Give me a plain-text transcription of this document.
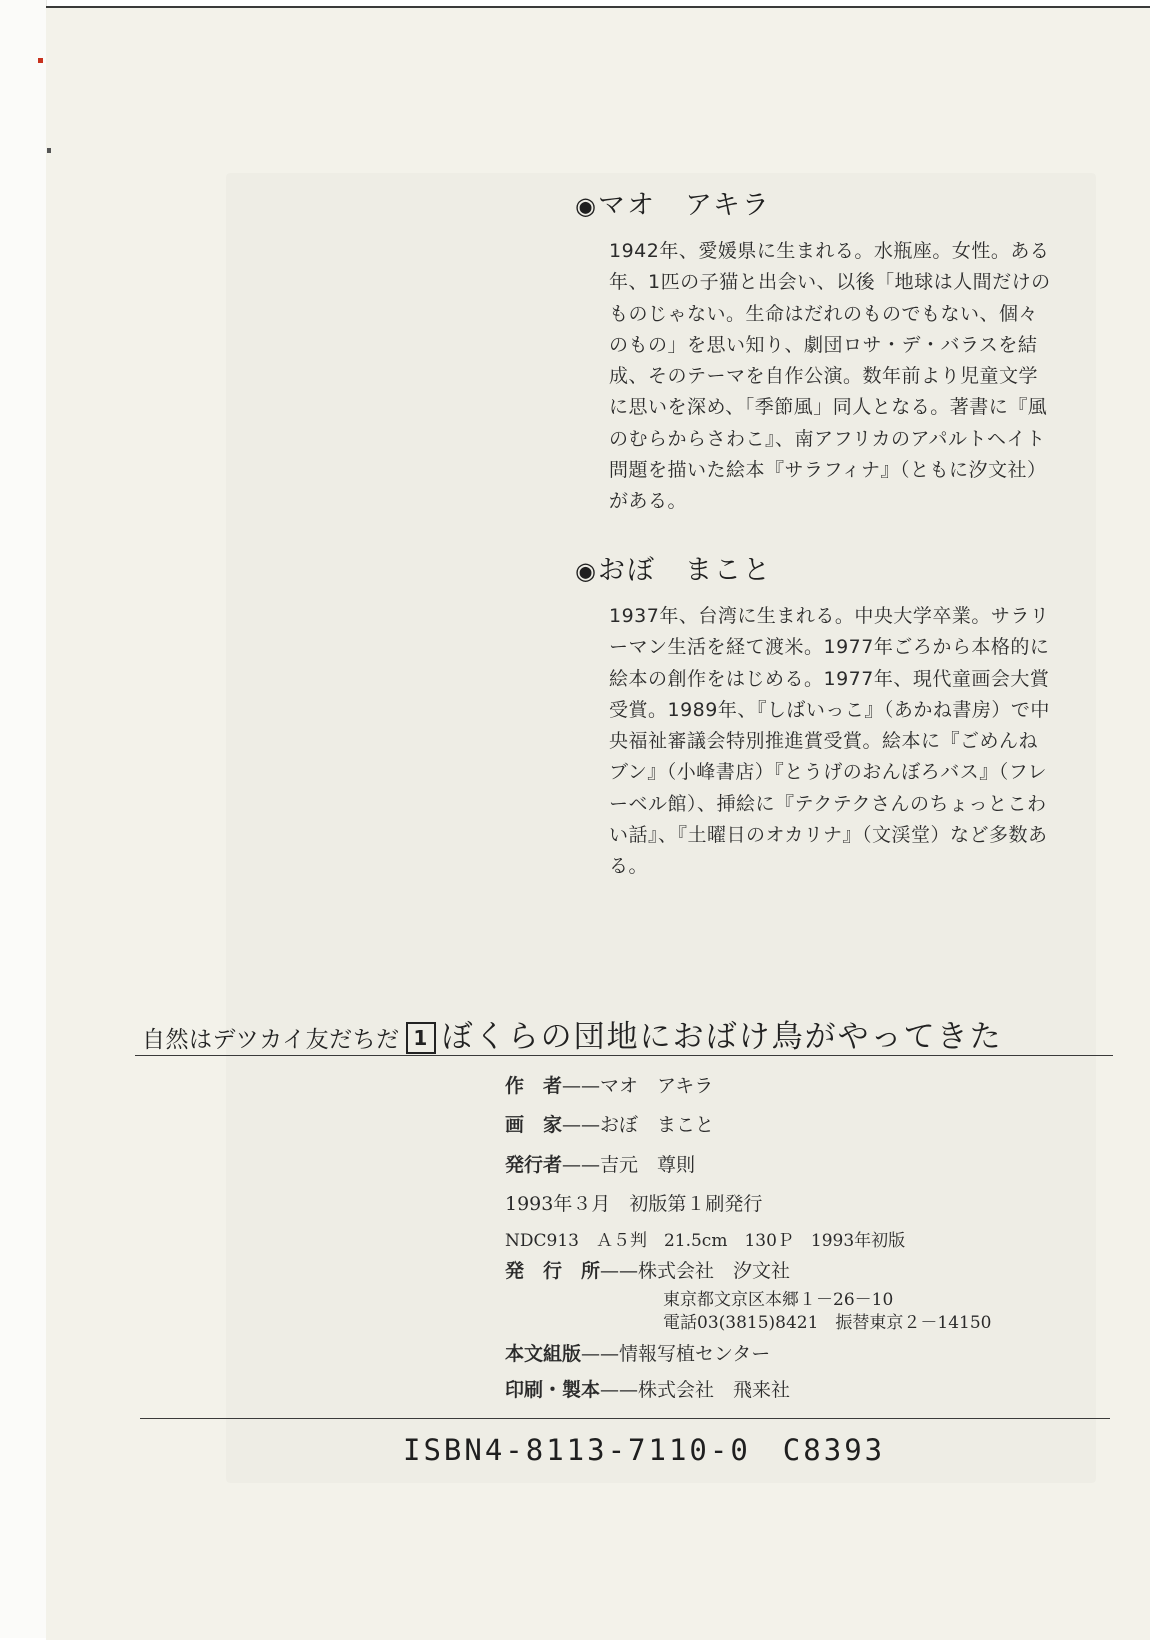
◉マオ　アキラ
1942年、愛媛県に生まれる。水瓶座。女性。ある年、1匹の子猫と出会い、以後「地球は人間だけのものじゃない。生命はだれのものでもない、個々のもの」を思い知り、劇団ロサ・デ・バラスを結成、そのテーマを自作公演。数年前より児童文学に思いを深め、「季節風」同人となる。著書に『風のむらからさわこ』、南アフリカのアパルトヘイト問題を描いた絵本『サラフィナ』（ともに汐文社）がある。
◉おぼ　まこと
1937年、台湾に生まれる。中央大学卒業。サラリーマン生活を経て渡米。1977年ごろから本格的に絵本の創作をはじめる。1977年、現代童画会大賞受賞。1989年、『しばいっこ』（あかね書房）で中央福祉審議会特別推進賞受賞。絵本に『ごめんねブン』（小峰書店）『とうげのおんぼろバス』（フレーベル館）、挿絵に『テクテクさんのちょっとこわい話』、『土曜日のオカリナ』（文渓堂）など多数ある。
自然はデツカイ友だちだ 1 ぼくらの団地におばけ鳥がやってきた
作　者——マオ　アキラ
画　家——おぼ　まこと
発行者——吉元　尊則
1993年３月　初版第１刷発行
NDC913　Ａ５判　21.5cm　130Ｐ　1993年初版
発　行　所——株式会社　汐文社
東京都文京区本郷１－26－10
電話03(3815)8421　振替東京２－14150
本文組版——情報写植センター
印刷・製本——株式会社　飛来社
ISBN4-8113-7110-0　C8393
